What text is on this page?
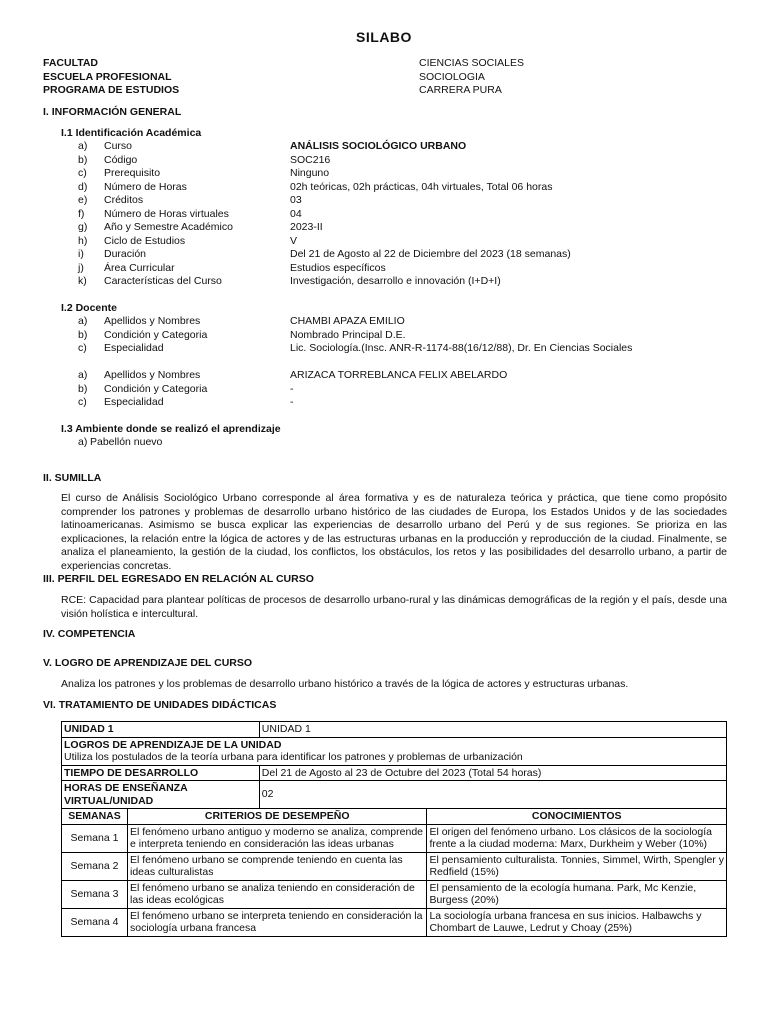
SILABO
FACULTAD	CIENCIAS SOCIALES
ESCUELA PROFESIONAL	SOCIOLOGIA
PROGRAMA DE ESTUDIOS	CARRERA PURA
I. INFORMACIÓN GENERAL
I.1 Identificación Académica
a)	Curso	ANÁLISIS SOCIOLÓGICO URBANO
b)	Código	SOC216
c)	Prerequisito	Ninguno
d)	Número de Horas	02h teóricas, 02h prácticas, 04h virtuales, Total 06 horas
e)	Créditos	03
f)	Número de Horas virtuales	04
g)	Año y Semestre Académico	2023-II
h)	Ciclo de Estudios	V
i)	Duración	Del 21 de Agosto al 22 de Diciembre del 2023 (18 semanas)
j)	Área Curricular	Estudios específicos
k)	Características del Curso	Investigación, desarrollo e innovación (I+D+I)
I.2 Docente
a)	Apellidos y Nombres	CHAMBI APAZA EMILIO
b)	Condición y Categoria	Nombrado Principal D.E.
c)	Especialidad	Lic. Sociología.(Insc. ANR-R-1174-88(16/12/88), Dr. En Ciencias Sociales
a)	Apellidos y Nombres	ARIZACA TORREBLANCA FELIX ABELARDO
b)	Condición y Categoria	-
c)	Especialidad	-
I.3 Ambiente donde se realizó el aprendizaje
a) Pabellón nuevo
II. SUMILLA
El curso de Análisis Sociológico Urbano corresponde al área formativa y es de naturaleza teórica y práctica, que tiene como propósito comprender los patrones y problemas de desarrollo urbano histórico de las ciudades de Europa, los Estados Unidos y de las sociedades latinoamericanas. Asimismo se busca explicar las experiencias de desarrollo urbano del Perú y de sus regiones. Se prioriza en las explicaciones, la relación entre la lógica de actores y de las estructuras urbanas en la producción y reproducción de la ciudad. Finalmente, se analiza el planeamiento, la gestión de la ciudad, los conflictos, los obstáculos, los retos y las posibilidades del desarrollo urbano, a partir de experiencias concretas.
III. PERFIL DEL EGRESADO EN RELACIÓN AL CURSO
RCE: Capacidad para plantear políticas de procesos de desarrollo urbano-rural y las dinámicas demográficas de la región y el país, desde una visión holística e intercultural.
IV. COMPETENCIA
V. LOGRO DE APRENDIZAJE DEL CURSO
Analiza los patrones y los problemas de desarrollo urbano histórico a través de la lógica de actores y estructuras urbanas.
VI. TRATAMIENTO DE UNIDADES DIDÁCTICAS
UNIDAD 1		UNIDAD 1	

LOGROS DE APRENDIZAJE DE LA UNIDAD
Utiliza los postulados de la teoría urbana para identificar los patrones y problemas de urbanización			

TIEMPO DE DESARROLLO		Del 21 de Agosto al 23 de Octubre del 2023 (Total 54 horas)	
HORAS DE ENSEÑANZA VIRTUAL/UNIDAD		02	
SEMANAS	CRITERIOS DE DESEMPEÑO		CONOCIMIENTOS
Semana 1	El fenómeno urbano antiguo y moderno se analiza, comprende e interpreta teniendo en consideración las ideas urbanas		El origen del fenómeno urbano. Los clásicos de la sociología frente a la ciudad moderna: Marx, Durkheim y Weber (10%)
Semana 2	El fenómeno urbano se comprende teniendo en cuenta las ideas culturalistas		El pensamiento culturalista. Tonnies, Simmel, Wirth, Spengler y Redfield (15%)
Semana 3	El fenómeno urbano se analiza teniendo en consideración de las ideas ecológicas		El pensamiento de la ecología humana. Park, Mc Kenzie, Burgess (20%)
Semana 4	El fenómeno urbano se interpreta teniendo en consideración la sociología urbana francesa		La sociología urbana francesa en sus inicios. Halbawchs y Chombart de Lauwe, Ledrut y Choay (25%)
